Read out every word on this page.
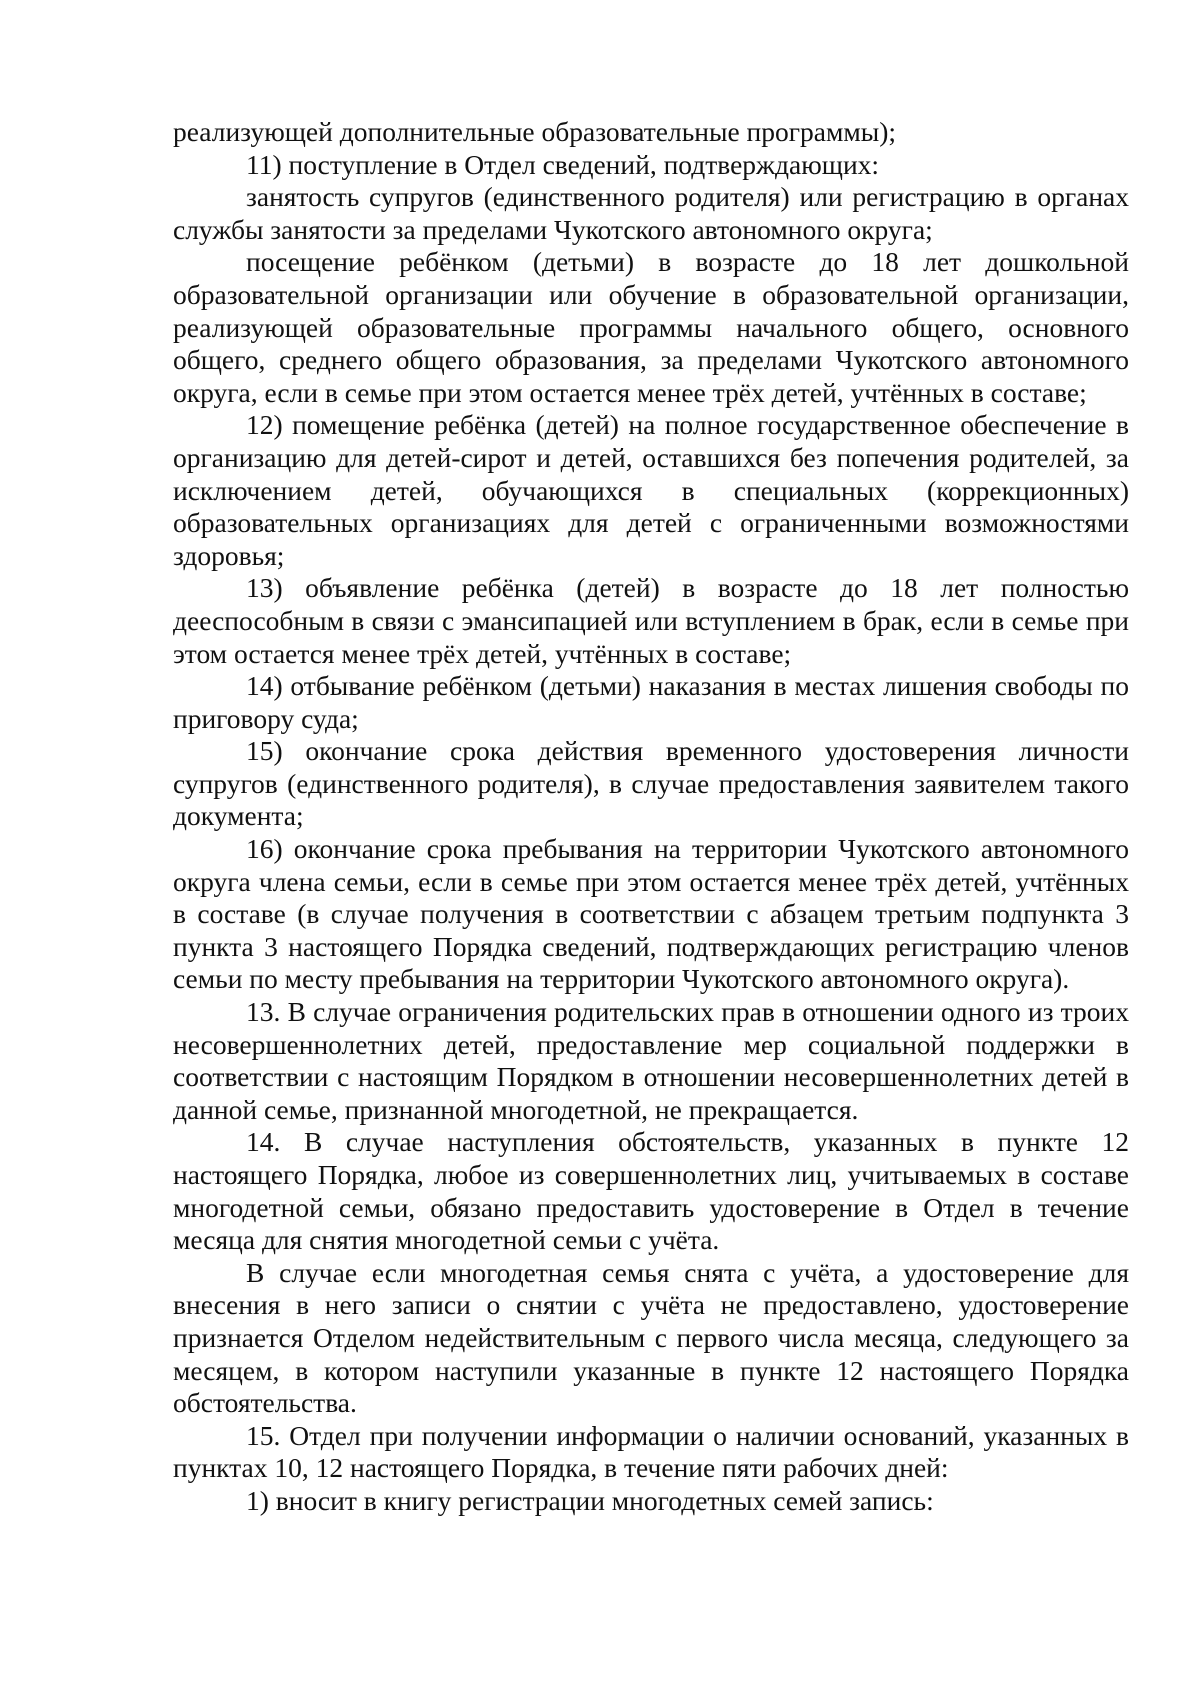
реализующей дополнительные образовательные программы);

11) поступление в Отдел сведений, подтверждающих:

занятость супругов (единственного родителя) или регистрацию в органах службы занятости за пределами Чукотского автономного округа;

посещение ребёнком (детьми) в возрасте до 18 лет дошкольной образовательной организации или обучение в образовательной организации, реализующей образовательные программы начального общего, основного общего, среднего общего образования, за пределами Чукотского автономного округа, если в семье при этом остается менее трёх детей, учтённых в составе;

12) помещение ребёнка (детей) на полное государственное обеспечение в организацию для детей-сирот и детей, оставшихся без попечения родителей, за исключением детей, обучающихся в специальных (коррекционных) образовательных организациях для детей с ограниченными возможностями здоровья;

13) объявление ребёнка (детей) в возрасте до 18 лет полностью дееспособным в связи с эмансипацией или вступлением в брак, если в семье при этом остается менее трёх детей, учтённых в составе;

14) отбывание ребёнком (детьми) наказания в местах лишения свободы по приговору суда;

15) окончание срока действия временного удостоверения личности супругов (единственного родителя), в случае предоставления заявителем такого документа;

16) окончание срока пребывания на территории Чукотского автономного округа члена семьи, если в семье при этом остается менее трёх детей, учтённых в составе (в случае получения в соответствии с абзацем третьим подпункта 3 пункта 3 настоящего Порядка сведений, подтверждающих регистрацию членов семьи по месту пребывания на территории Чукотского автономного округа).

13. В случае ограничения родительских прав в отношении одного из троих несовершеннолетних детей, предоставление мер социальной поддержки в соответствии с настоящим Порядком в отношении несовершеннолетних детей в данной семье, признанной многодетной, не прекращается.

14. В случае наступления обстоятельств, указанных в пункте 12 настоящего Порядка, любое из совершеннолетних лиц, учитываемых в составе многодетной семьи, обязано предоставить удостоверение в Отдел в течение месяца для снятия многодетной семьи с учёта.

В случае если многодетная семья снята с учёта, а удостоверение для внесения в него записи о снятии с учёта не предоставлено, удостоверение признается Отделом недействительным с первого числа месяца, следующего за месяцем, в котором наступили указанные в пункте 12 настоящего Порядка обстоятельства.

15. Отдел при получении информации о наличии оснований, указанных в пунктах 10, 12 настоящего Порядка, в течение пяти рабочих дней:

1) вносит в книгу регистрации многодетных семей запись:
